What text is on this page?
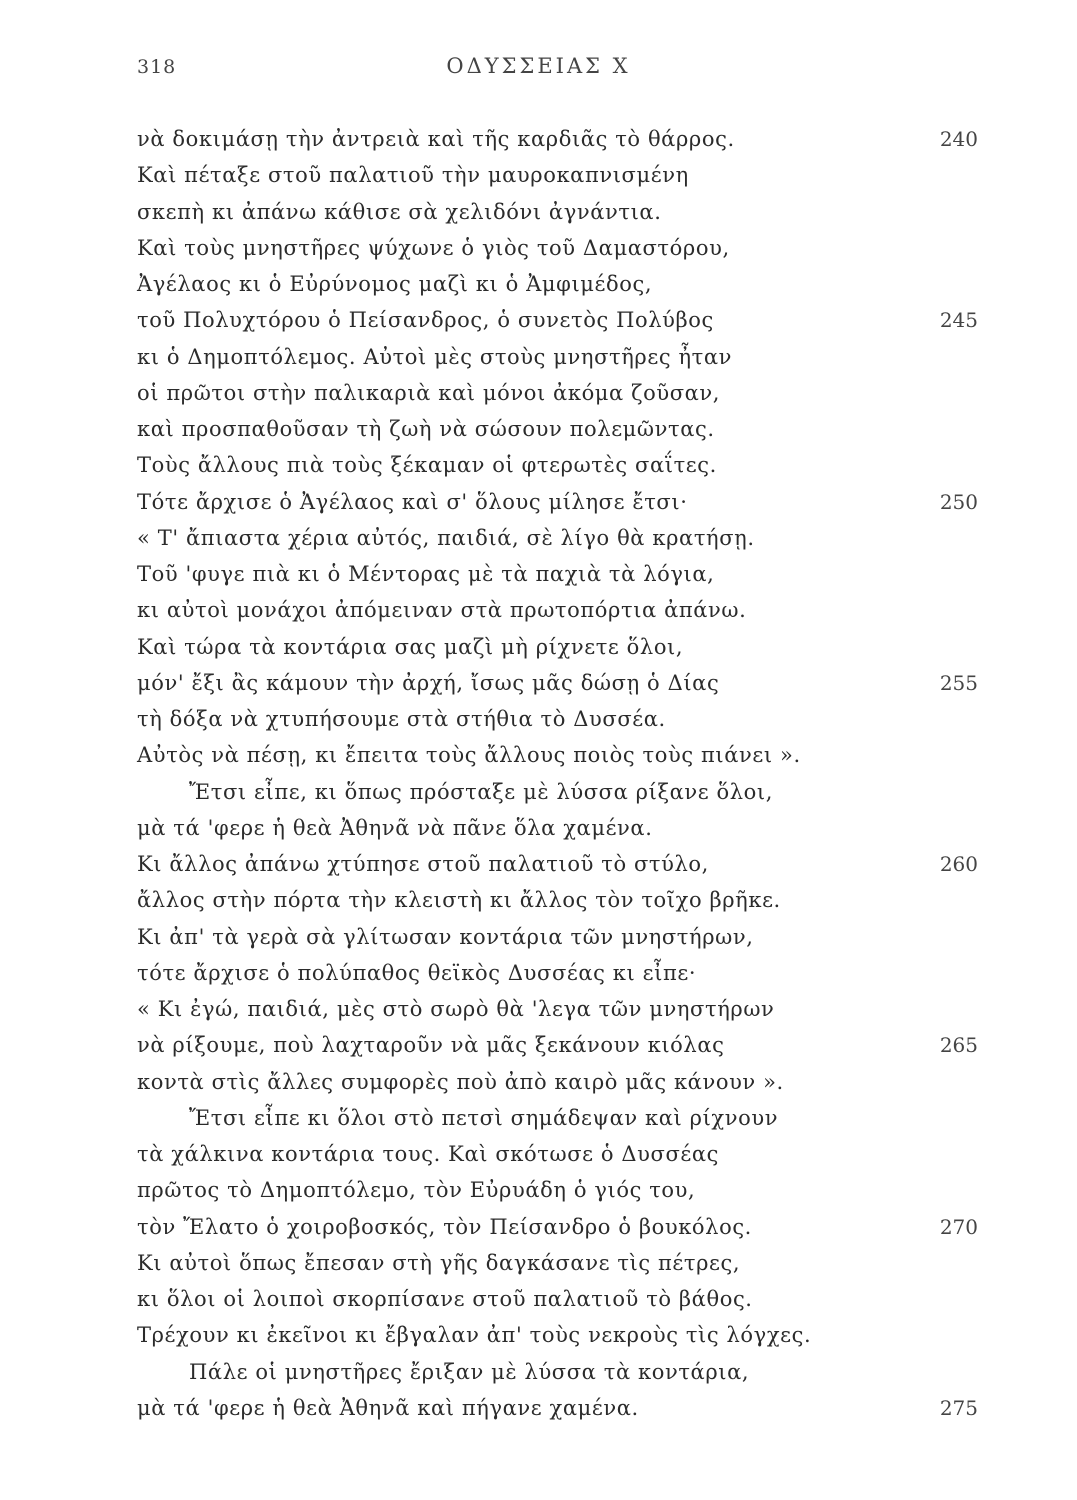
318	ΟΔΥΣΣΕΙΑΣ Χ
νὰ δοκιμάσῃ τὴν ἀντρειὰ καὶ τῆς καρδιᾶς τὸ θάρρος.	240
Καὶ πέταξε στοῦ παλατιοῦ τὴν μαυροκαπνισμένη
σκεπὴ κι ἀπάνω κάθισε σὰ χελιδόνι ἀγνάντια.
Καὶ τοὺς μνηστῆρες ψύχωνε ὁ γιὸς τοῦ Δαμαστόρου,
Ἀγέλαος κι ὁ Εὐρύνομος μαζὶ κι ὁ Ἀμφιμέδος,
τοῦ Πολυχτόρου ὁ Πείσανδρος, ὁ συνετὸς Πολύβος	245
κι ὁ Δημοπτόλεμος. Αὐτοὶ μὲς στοὺς μνηστῆρες ἦταν
οἱ πρῶτοι στὴν παλικαριὰ καὶ μόνοι ἀκόμα ζοῦσαν,
καὶ προσπαθοῦσαν τὴ ζωὴ νὰ σώσουν πολεμῶντας.
Τοὺς ἄλλους πιὰ τοὺς ξέκαμαν οἱ φτερωτὲς σαΐτες.
Τότε ἄρχισε ὁ Ἀγέλαος καὶ σ' ὅλους μίλησε ἔτσι·	250
« Τ' ἄπιαστα χέρια αὐτός, παιδιά, σὲ λίγο θὰ κρατήσῃ.
Τοῦ 'φυγε πιὰ κι ὁ Μέντορας μὲ τὰ παχιὰ τὰ λόγια,
κι αὐτοὶ μονάχοι ἀπόμειναν στὰ πρωτοπόρτια ἀπάνω.
Καὶ τώρα τὰ κοντάρια σας μαζὶ μὴ ρίχνετε ὅλοι,
μόν' ἔξι ἂς κάμουν τὴν ἀρχή, ἴσως μᾶς δώσῃ ὁ Δίας	255
τὴ δόξα νὰ χτυπήσουμε στὰ στήθια τὸ Δυσσέα.
Αὐτὸς νὰ πέσῃ, κι ἔπειτα τοὺς ἄλλους ποιὸς τοὺς πιάνει ».
Ἔτσι εἶπε, κι ὅπως πρόσταξε μὲ λύσσα ρίξανε ὅλοι,
μὰ τά 'φερε ἡ θεὰ Ἀθηνᾶ νὰ πᾶνε ὅλα χαμένα.
Κι ἄλλος ἀπάνω χτύπησε στοῦ παλατιοῦ τὸ στύλο,	260
ἄλλος στὴν πόρτα τὴν κλειστὴ κι ἄλλος τὸν τοῖχο βρῆκε.
Κι ἀπ' τὰ γερὰ σὰ γλίτωσαν κοντάρια τῶν μνηστήρων,
τότε ἄρχισε ὁ πολύπαθος θεϊκὸς Δυσσέας κι εἶπε·
« Κι ἐγώ, παιδιά, μὲς στὸ σωρὸ θὰ 'λεγα τῶν μνηστήρων
νὰ ρίξουμε, ποὺ λαχταροῦν νὰ μᾶς ξεκάνουν κιόλας	265
κοντὰ στὶς ἄλλες συμφορὲς ποὺ ἀπὸ καιρὸ μᾶς κάνουν ».
Ἔτσι εἶπε κι ὅλοι στὸ πετσὶ σημάδεψαν καὶ ρίχνουν
τὰ χάλκινα κοντάρια τους. Καὶ σκότωσε ὁ Δυσσέας
πρῶτος τὸ Δημοπτόλεμο, τὸν Εὐρυάδη ὁ γιός του,
τὸν Ἔλατο ὁ χοιροβοσκός, τὸν Πείσανδρο ὁ βουκόλος.	270
Κι αὐτοὶ ὅπως ἔπεσαν στὴ γῆς δαγκάσανε τὶς πέτρες,
κι ὅλοι οἱ λοιποὶ σκορπίσανε στοῦ παλατιοῦ τὸ βάθος.
Τρέχουν κι ἐκεῖνοι κι ἔβγαλαν ἀπ' τοὺς νεκροὺς τὶς λόγχες.
Πάλε οἱ μνηστῆρες ἔριξαν μὲ λύσσα τὰ κοντάρια,
μὰ τά 'φερε ἡ θεὰ Ἀθηνᾶ καὶ πήγανε χαμένα.	275
